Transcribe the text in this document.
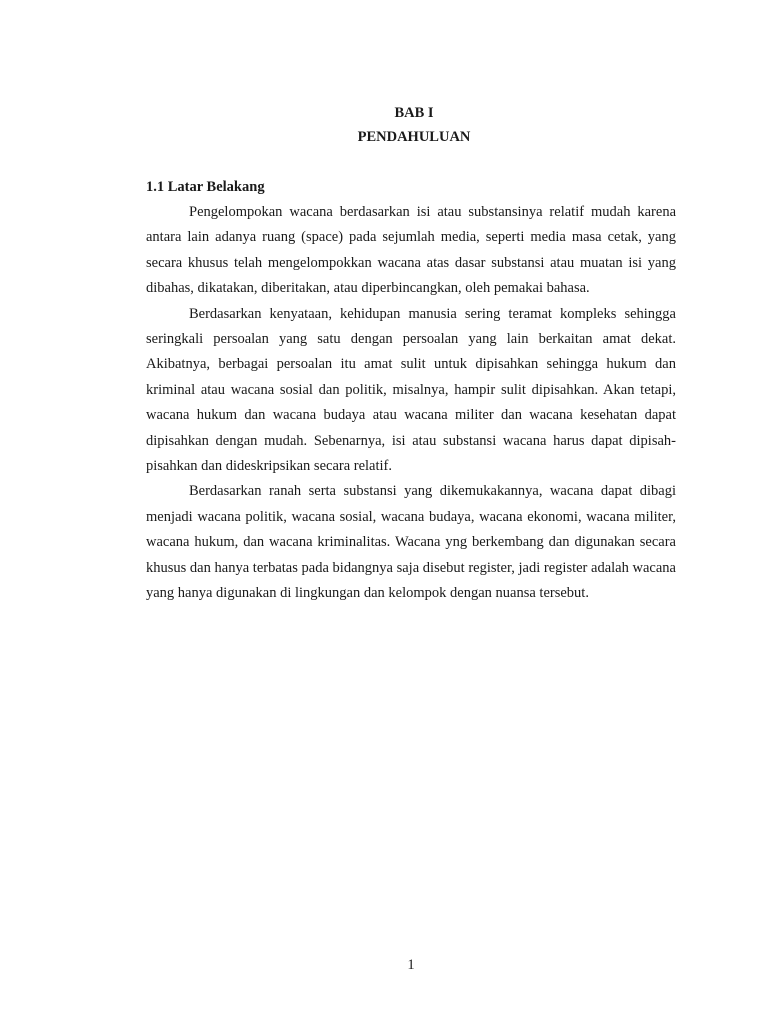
BAB I
PENDAHULUAN
1.1 Latar Belakang

Pengelompokan wacana berdasarkan isi atau substansinya relatif mudah karena antara lain adanya ruang (space) pada sejumlah media, seperti media masa cetak, yang secara khusus telah mengelompokkan wacana atas dasar substansi atau muatan isi yang dibahas, dikatakan, diberitakan, atau diperbincangkan, oleh pemakai bahasa.

Berdasarkan kenyataan, kehidupan manusia sering teramat kompleks sehingga seringkali persoalan yang satu dengan persoalan yang lain berkaitan amat dekat. Akibatnya, berbagai persoalan itu amat sulit untuk dipisahkan sehingga hukum dan kriminal atau wacana sosial dan politik, misalnya, hampir sulit dipisahkan. Akan tetapi, wacana hukum dan wacana budaya atau wacana militer dan wacana kesehatan dapat dipisahkan dengan mudah. Sebenarnya, isi atau substansi wacana harus dapat dipisah-pisahkan dan dideskripsikan secara relatif.

Berdasarkan ranah serta substansi yang dikemukakannya, wacana dapat dibagi menjadi wacana politik, wacana sosial, wacana budaya, wacana ekonomi, wacana militer, wacana hukum, dan wacana kriminalitas. Wacana yng berkembang dan digunakan secara khusus dan hanya terbatas pada bidangnya saja disebut register, jadi register adalah wacana yang hanya digunakan di lingkungan dan kelompok dengan nuansa tersebut.

1
